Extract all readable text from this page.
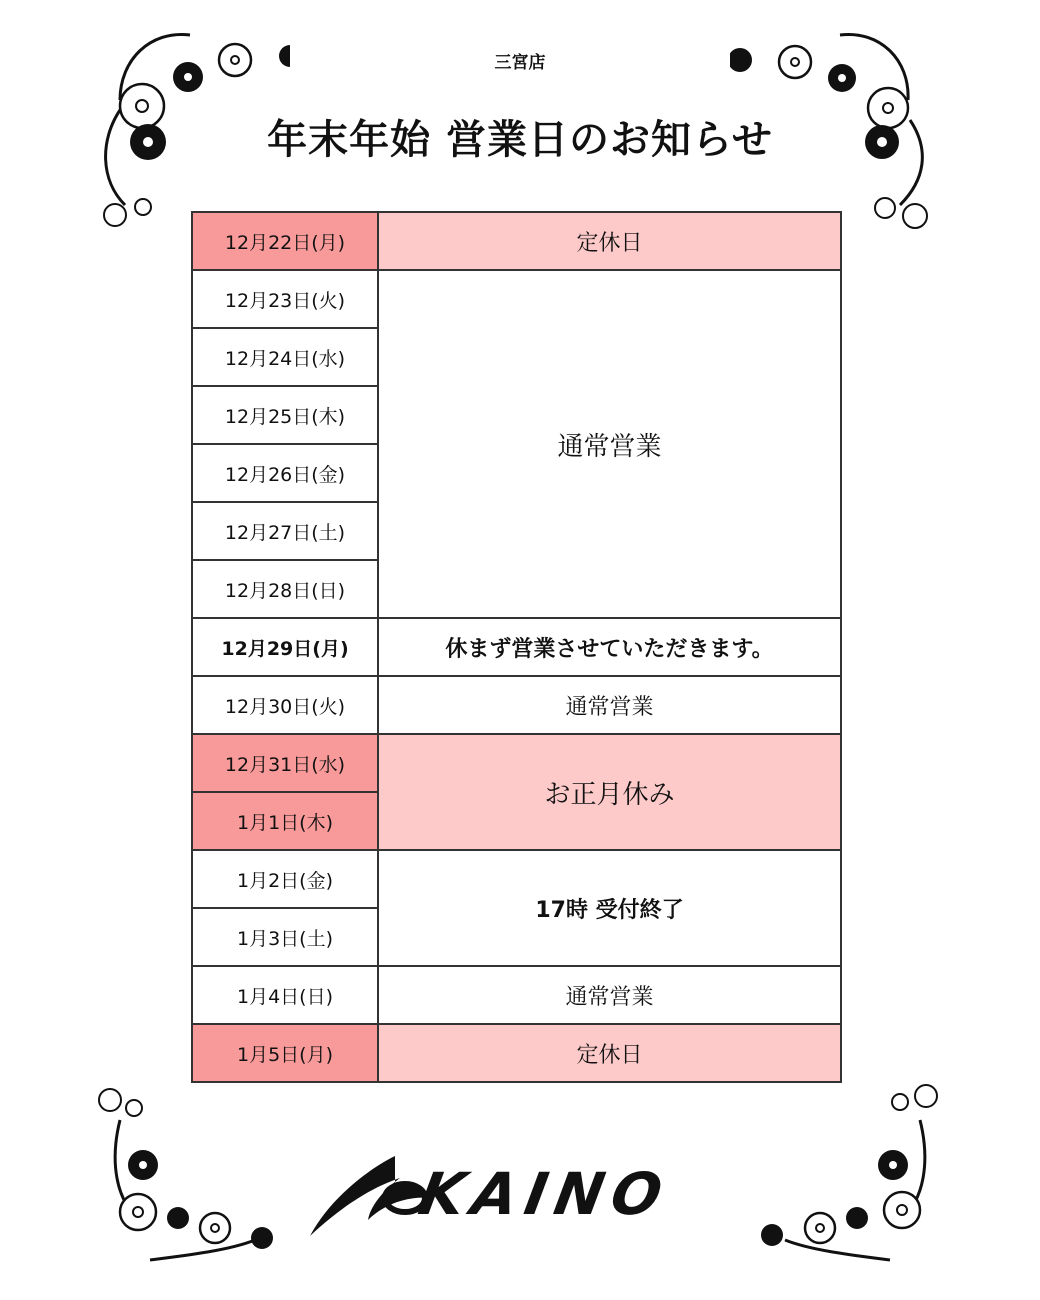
三宮店
年末年始 営業日のお知らせ
12月22日(月)	定休日
12月23日(火)	通常営業
12月24日(水)	
12月25日(木)	
12月26日(金)	
12月27日(土)	
12月28日(日)	
12月29日(月)	休まず営業させていただきます。
12月30日(火)	通常営業
12月31日(水)	お正月休み
1月1日(木)	
1月2日(金)	17時 受付終了
1月3日(土)	
1月4日(日)	通常営業
1月5日(月)	定休日
KAINO
